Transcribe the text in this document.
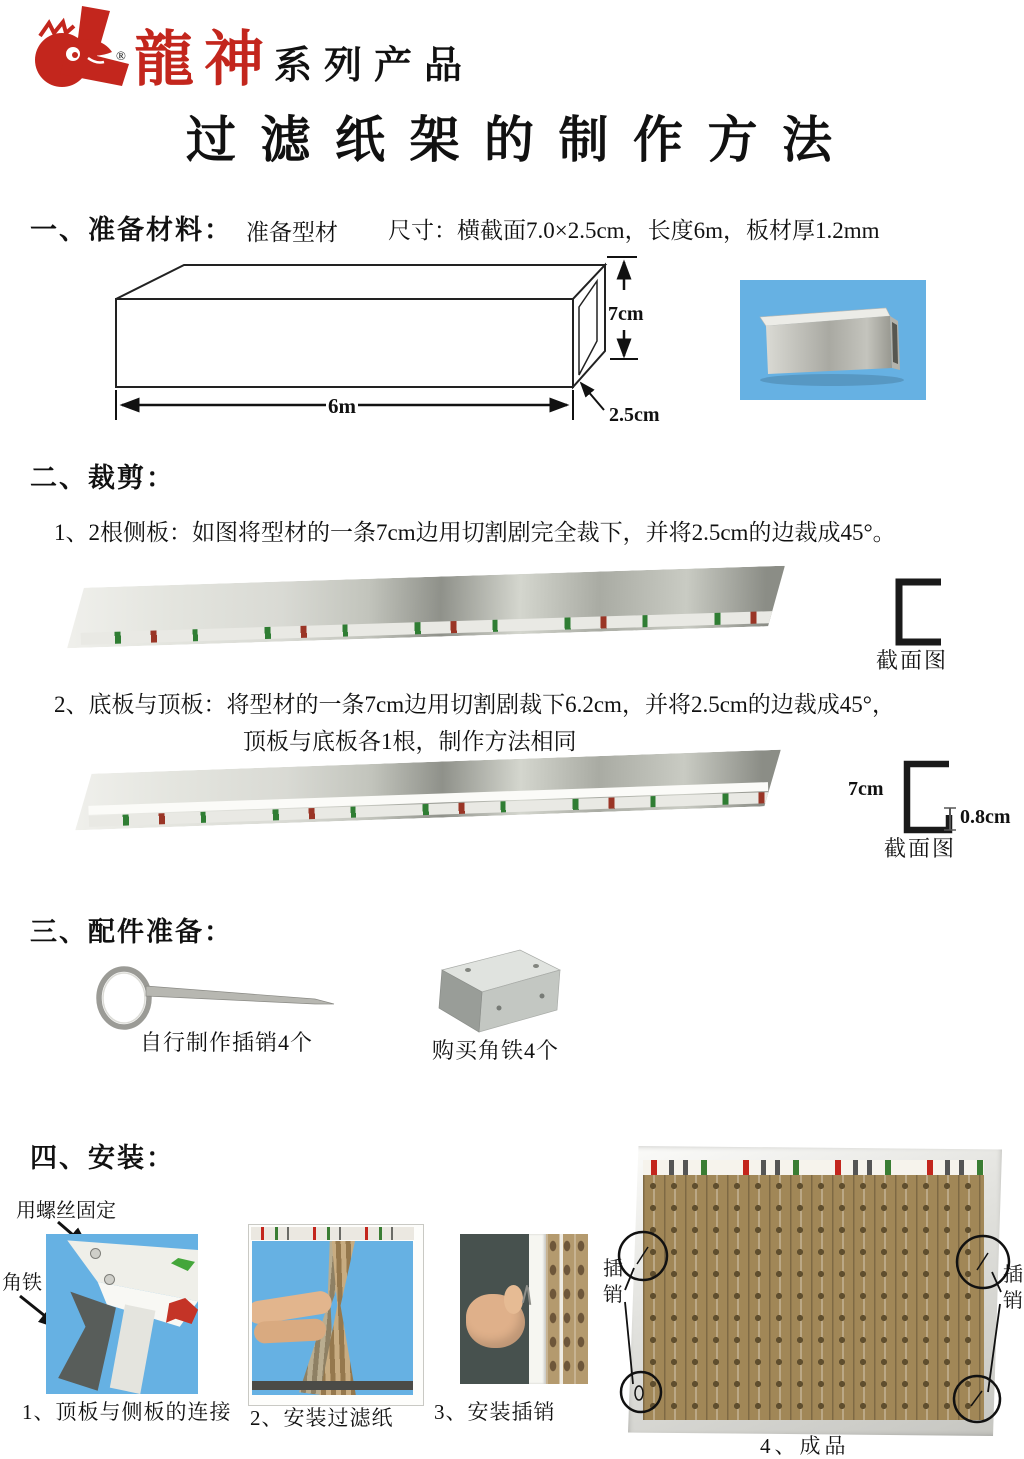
® 龍神 系列产品
过 滤 纸 架 的 制 作 方 法
一、准备材料： 准备型材 尺寸：横截面7.0×2.5cm，长度6m，板材厚1.2mm
7cm
6m	2.5cm
二、裁剪：
1、2根侧板：如图将型材的一条7cm边用切割剧完全裁下，并将2.5cm的边裁成45°。
截面图
2、底板与顶板：将型材的一条7cm边用切割剧裁下6.2cm，并将2.5cm的边裁成45°，
顶板与底板各1根，制作方法相同
7cm
0.8cm
截面图
三、配件准备：
自行制作插销4个	购买角铁4个
四、安装：
用螺丝固定
角铁
1、顶板与侧板的连接 2、安装过滤纸 3、安装插销
插销
插销
4、成品
